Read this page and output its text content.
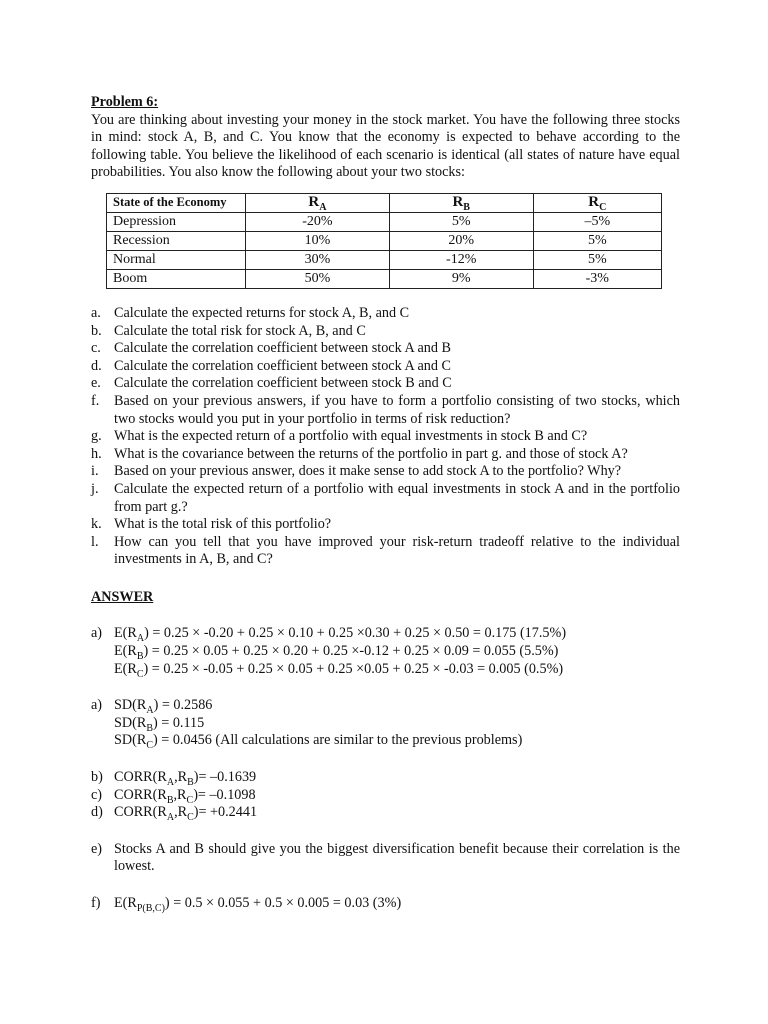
Problem 6:

You are thinking about investing your money in the stock market. You have the following three stocks in mind: stock A, B, and C. You know that the economy is expected to behave according to the following table. You believe the likelihood of each scenario is identical (all states of nature have equal probabilities. You also know the following about your two stocks:

State of the Economy	$R_A$	$R_B$	$R_C$
Depression	-20%	5%	–5%
Recession	10%	20%	5%
Normal	30%	-12%	5%
Boom	50%	9%	-3%
a. Calculate the expected returns for stock A, B, and C
b. Calculate the total risk for stock A, B, and C
c. Calculate the correlation coefficient between stock A and B
d. Calculate the correlation coefficient between stock A and C
e. Calculate the correlation coefficient between stock B and C
f.	Based on your previous answers, if you have to form a portfolio consisting of two stocks, which two stocks would you put in your portfolio in terms of risk reduction?
g. What is the expected return of a portfolio with equal investments in stock B and C?
h. What is the covariance between the returns of the portfolio in part g. and those of stock A?
i.	Based on your previous answer, does it make sense to add stock A to the portfolio? Why?
j.	Calculate the expected return of a portfolio with equal investments in stock A and in the portfolio from part g.?
k. What is the total risk of this portfolio?
l.	How can you tell that you have improved your risk-return tradeoff relative to the individual investments in A, B, and C?
ANSWER
a) $E(R_A) = 0.25 \times -0.20 + 0.25 \times 0.10 + 0.25 \times 0.30 + 0.25 \times 0.50 = 0.175$ (17.5%)
$E(R_B) = 0.25 \times 0.05 + 0.25 \times 0.20 + 0.25 \times-0.12 + 0.25 \times 0.09 = 0.055$ (5.5%)
$E(R_C) = 0.25 \times -0.05 + 0.25 \times 0.05 + 0.25 \times 0.05 + 0.25 \times -0.03 = 0.005$ (0.5%)
a) $SD(R_A) = 0.2586$
$SD(R_B) = 0.115$
$SD(R_C) = 0.0456$ (All calculations are similar to the previous problems)
b) $CORR(R_A,R_B)= -0.1639$
c) $CORR(R_B,R_C)= -0.1098$
d) $CORR(R_A,R_C)= +0.2441$
e) Stocks A and B should give you the biggest diversification benefit because their correlation is the lowest.
f) $E(R_{P(B,C)}) = 0.5 \times 0.055 + 0.5 \times 0.005 = 0.03$ (3%)
